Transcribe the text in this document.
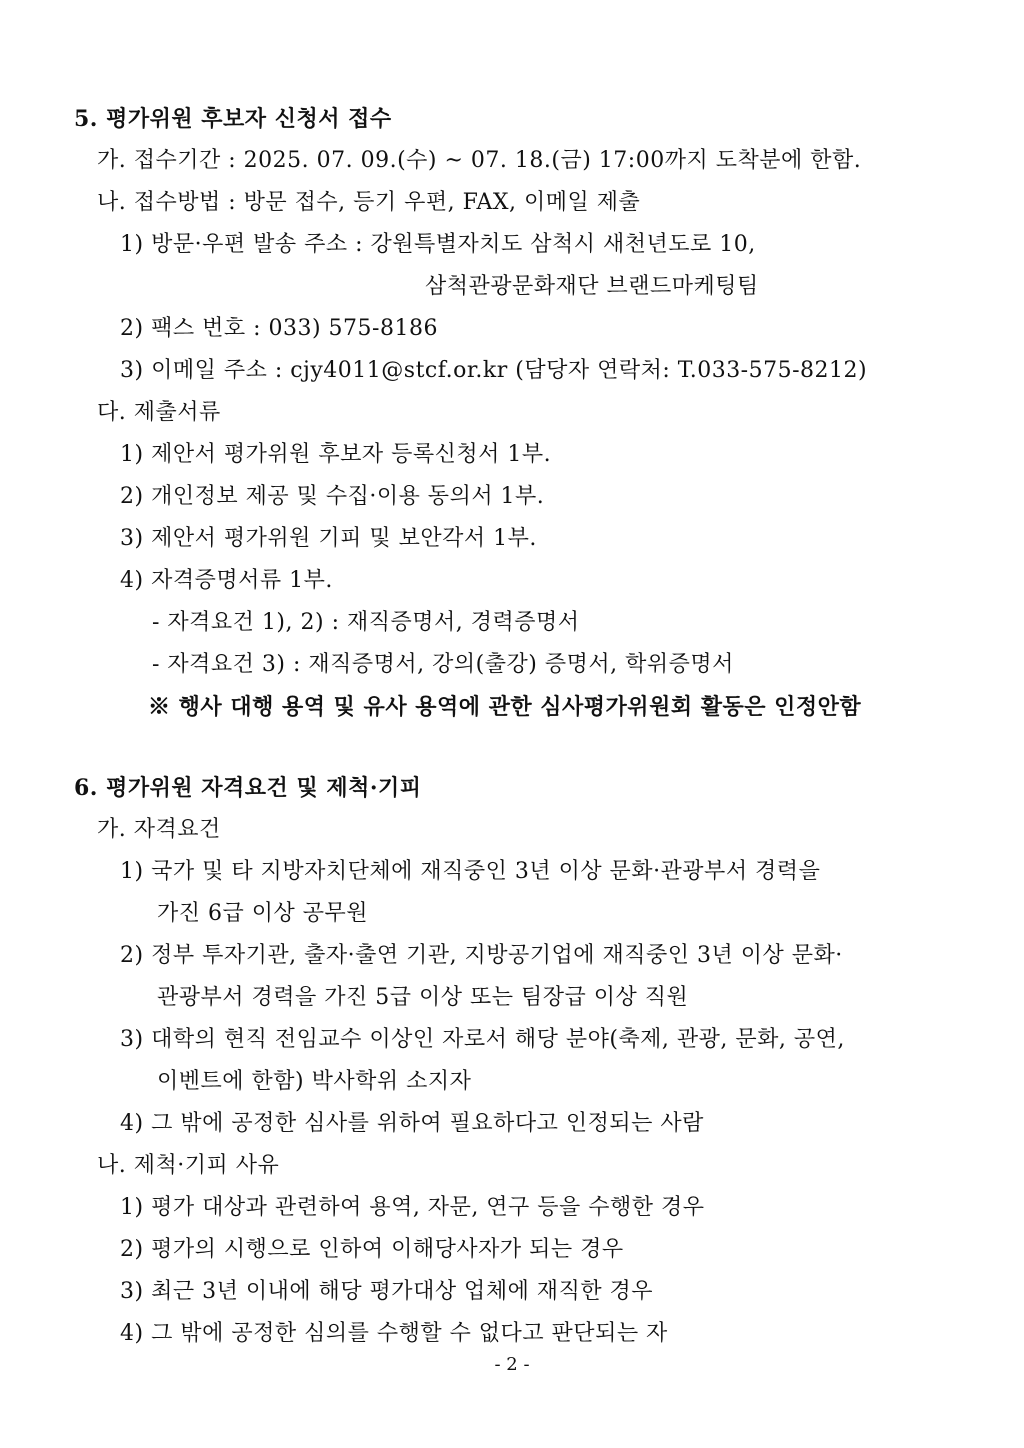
5. 평가위원 후보자 신청서 접수
가. 접수기간 : 2025. 07. 09.(수) ~ 07. 18.(금) 17:00까지 도착분에 한함.
나. 접수방법 : 방문 접수, 등기 우편, FAX, 이메일 제출
1) 방문·우편 발송 주소 : 강원특별자치도 삼척시 새천년도로 10,
삼척관광문화재단 브랜드마케팅팀
2) 팩스 번호 : 033) 575-8186
3) 이메일 주소 : cjy4011@stcf.or.kr (담당자 연락처: T.033-575-8212)
다. 제출서류
1) 제안서 평가위원 후보자 등록신청서 1부.
2) 개인정보 제공 및 수집·이용 동의서 1부.
3) 제안서 평가위원 기피 및 보안각서 1부.
4) 자격증명서류 1부.
- 자격요건 1), 2) : 재직증명서, 경력증명서
- 자격요건 3) : 재직증명서, 강의(출강) 증명서, 학위증명서
※ 행사 대행 용역 및 유사 용역에 관한 심사평가위원회 활동은 인정안함
6. 평가위원 자격요건 및 제척·기피
가. 자격요건
1) 국가 및 타 지방자치단체에 재직중인 3년 이상 문화·관광부서 경력을
가진 6급 이상 공무원
2) 정부 투자기관, 출자·출연 기관, 지방공기업에 재직중인 3년 이상 문화·
관광부서 경력을 가진 5급 이상 또는 팀장급 이상 직원
3) 대학의 현직 전임교수 이상인 자로서 해당 분야(축제, 관광, 문화, 공연,
이벤트에 한함) 박사학위 소지자
4) 그 밖에 공정한 심사를 위하여 필요하다고 인정되는 사람
나. 제척·기피 사유
1) 평가 대상과 관련하여 용역, 자문, 연구 등을 수행한 경우
2) 평가의 시행으로 인하여 이해당사자가 되는 경우
3) 최근 3년 이내에 해당 평가대상 업체에 재직한 경우
4) 그 밖에 공정한 심의를 수행할 수 없다고 판단되는 자
- 2 -
